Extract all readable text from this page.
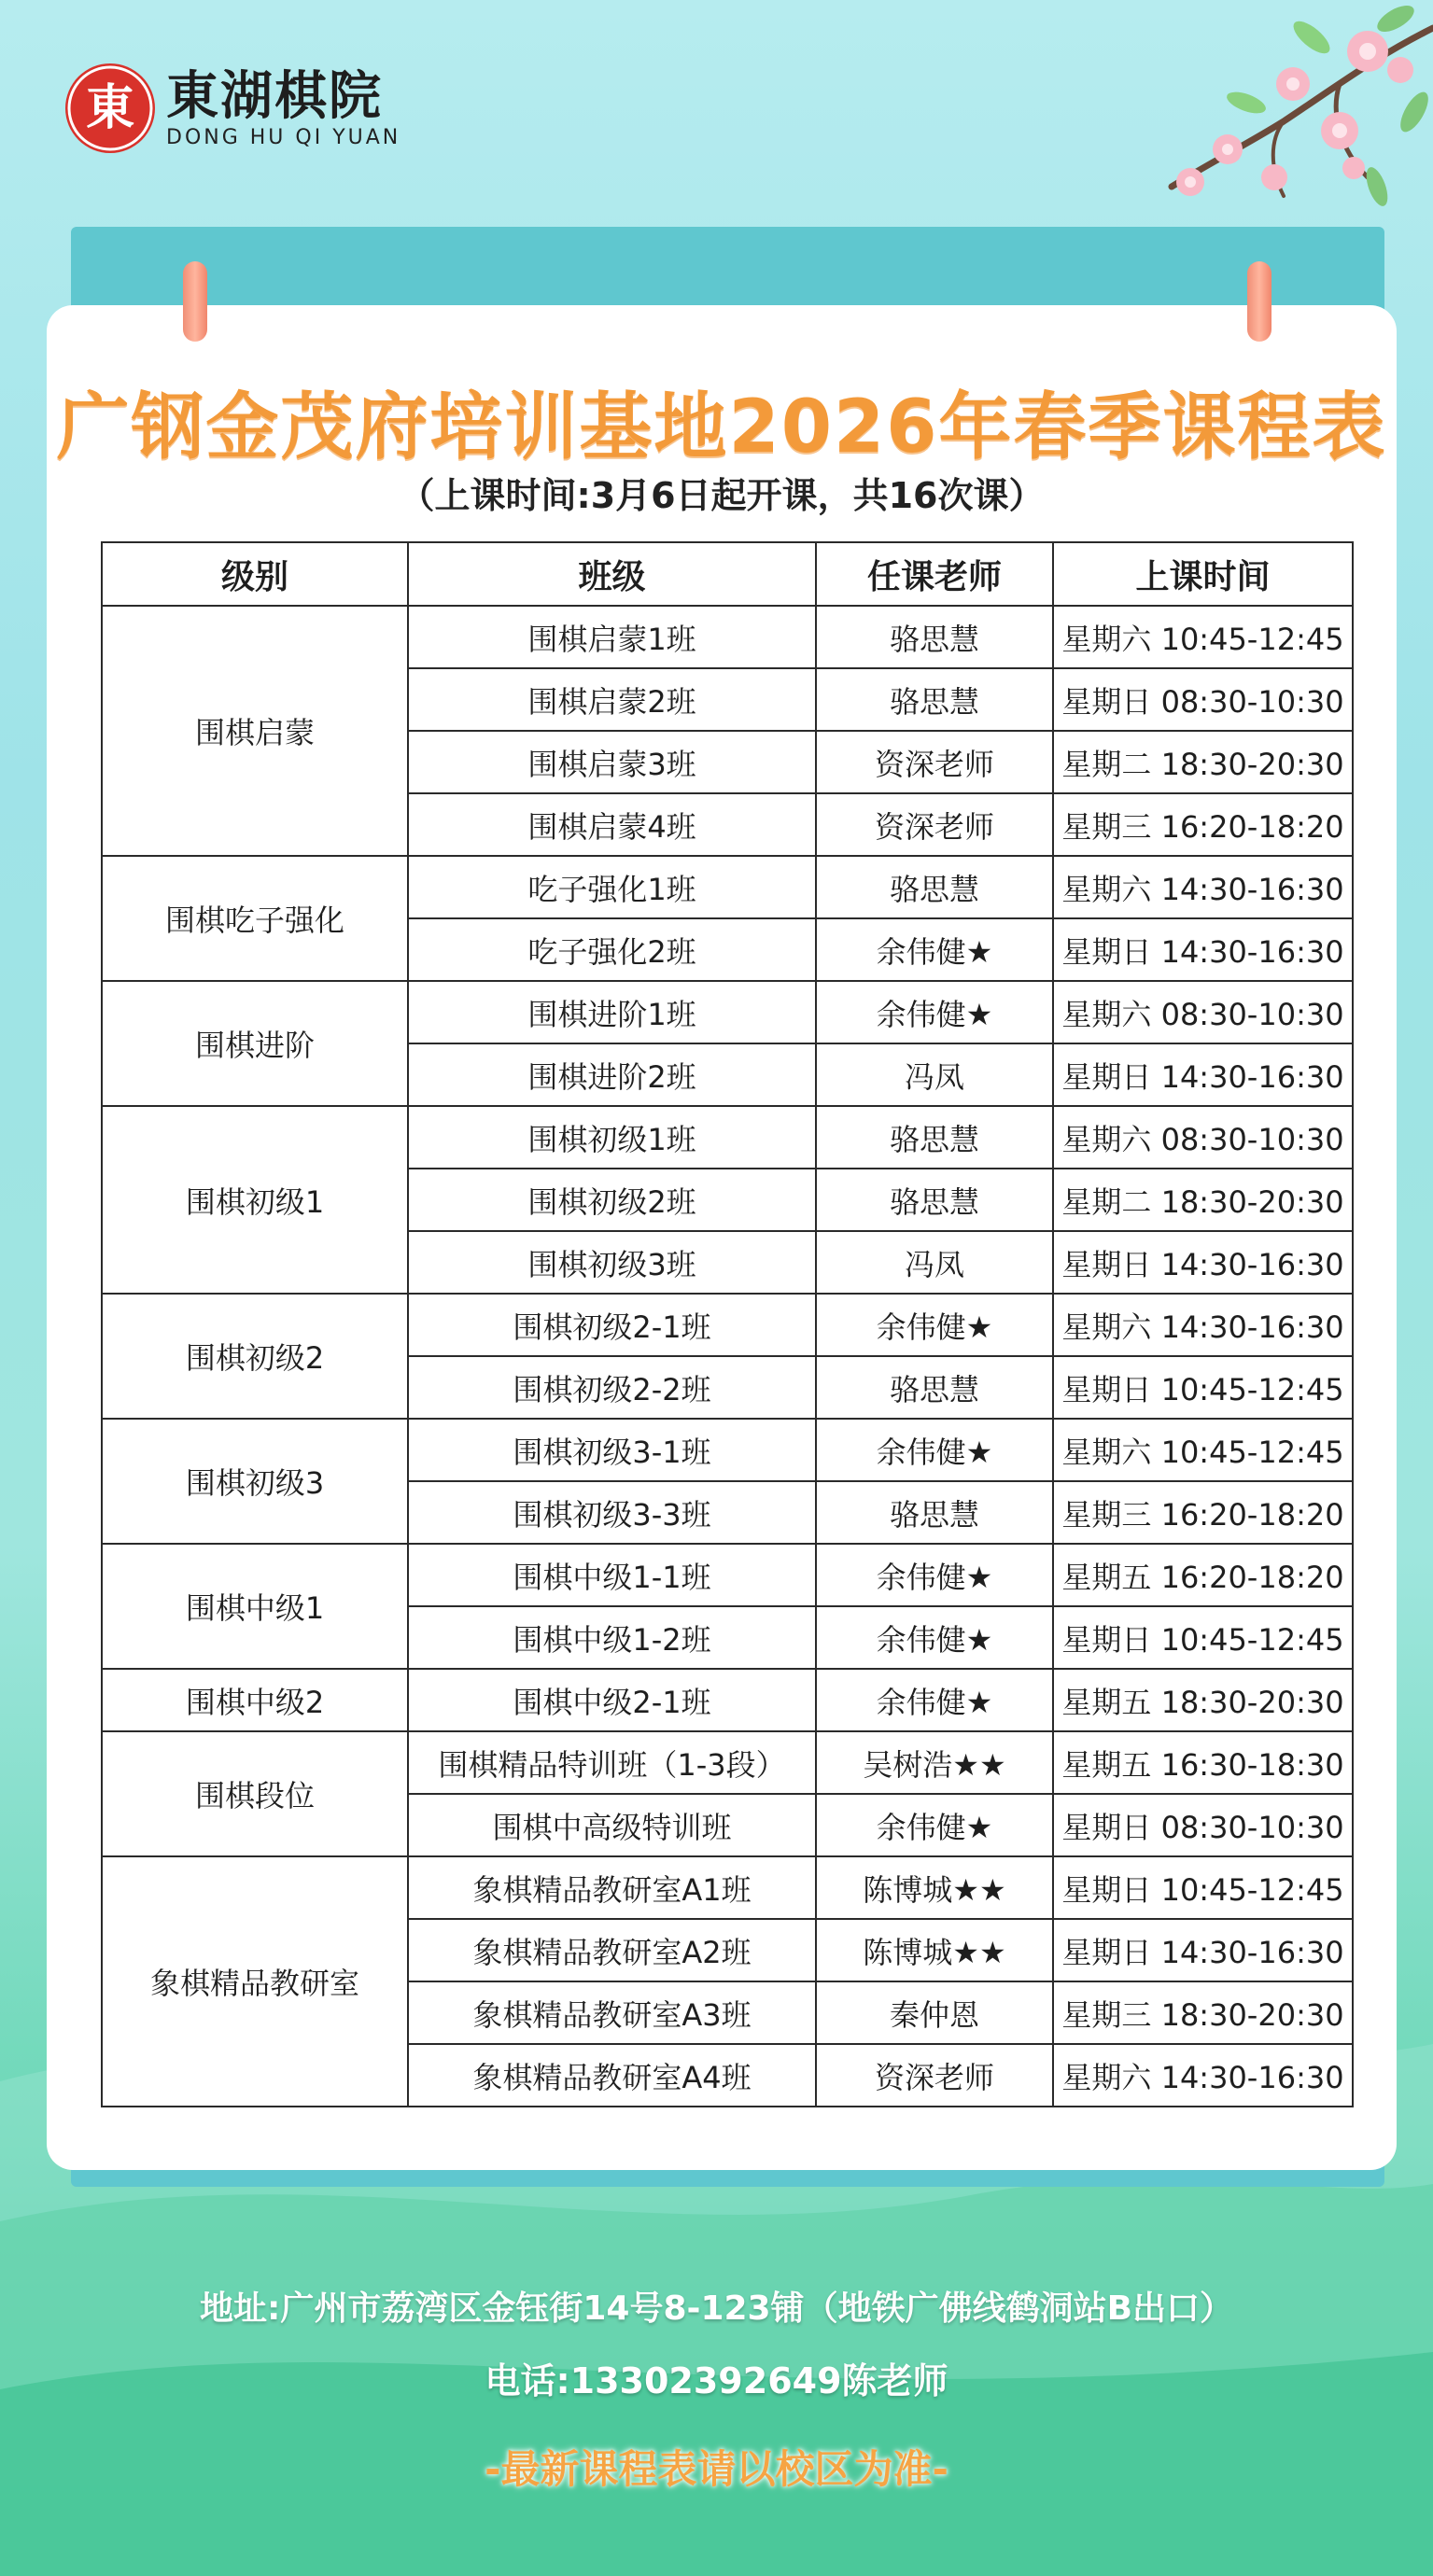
東 東湖棋院
DONG HU QI YUAN
广钢金茂府培训基地2026年春季课程表
（上课时间:3月6日起开课，共16次课）
级别	班级	任课老师	上课时间
围棋启蒙	围棋启蒙1班	骆思慧	星期六 10:45-12:45
	围棋启蒙2班	骆思慧	星期日 08:30-10:30
	围棋启蒙3班	资深老师	星期二 18:30-20:30
	围棋启蒙4班	资深老师	星期三 16:20-18:20
围棋吃子强化	吃子强化1班	骆思慧	星期六 14:30-16:30
	吃子强化2班	余伟健★	星期日 14:30-16:30
围棋进阶	围棋进阶1班	余伟健★	星期六 08:30-10:30
	围棋进阶2班	冯凤	星期日 14:30-16:30
围棋初级1	围棋初级1班	骆思慧	星期六 08:30-10:30
	围棋初级2班	骆思慧	星期二 18:30-20:30
	围棋初级3班	冯凤	星期日 14:30-16:30
围棋初级2	围棋初级2-1班	余伟健★	星期六 14:30-16:30
	围棋初级2-2班	骆思慧	星期日 10:45-12:45
围棋初级3	围棋初级3-1班	余伟健★	星期六 10:45-12:45
	围棋初级3-3班	骆思慧	星期三 16:20-18:20
围棋中级1	围棋中级1-1班	余伟健★	星期五 16:20-18:20
	围棋中级1-2班	余伟健★	星期日 10:45-12:45
围棋中级2	围棋中级2-1班	余伟健★	星期五 18:30-20:30
围棋段位	围棋精品特训班（1-3段）	吴树浩★★	星期五 16:30-18:30
	围棋中高级特训班	余伟健★	星期日 08:30-10:30
象棋精品教研室	象棋精品教研室A1班	陈博城★★	星期日 10:45-12:45
	象棋精品教研室A2班	陈博城★★	星期日 14:30-16:30
	象棋精品教研室A3班	秦仲恩	星期三 18:30-20:30
	象棋精品教研室A4班	资深老师	星期六 14:30-16:30
地址:广州市荔湾区金钰街14号8-123铺（地铁广佛线鹤洞站B出口）
电话:13302392649陈老师
-最新课程表请以校区为准-
